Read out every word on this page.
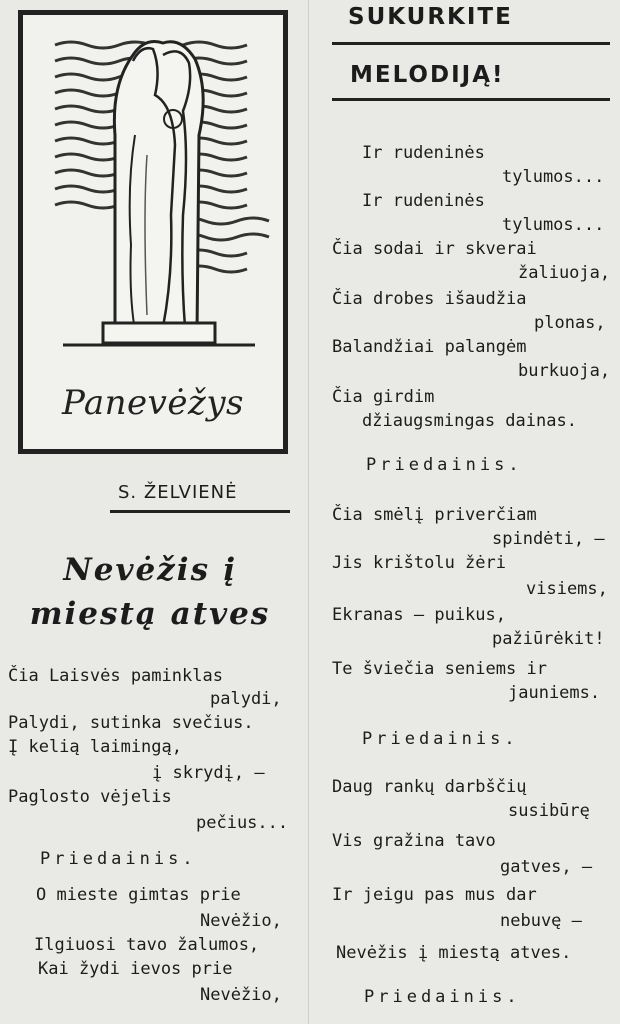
Panevėžys
S. ŽELVIENĖ
Nevėžis į
miestą atves
Čia Laisvės paminklas
palydi,
Palydi, sutinka svečius.
Į kelią laimingą,
į skrydį, —
Paglosto vėjelis
pečius...
Priedainis.
O mieste gimtas prie
Nevėžio,
Ilgiuosi tavo žalumos,
Kai žydi ievos prie
Nevėžio,
SUKURKITE
MELODIJĄ!
Ir rudeninės
tylumos...
Ir rudeninės
tylumos...
Čia sodai ir skverai
žaliuoja,
Čia drobes išaudžia
plonas,
Balandžiai palangėm
burkuoja,
Čia girdim
džiaugsmingas dainas.
Priedainis.
Čia smėlį priverčiam
spindėti, —
Jis krištolu žėri
visiems,
Ekranas — puikus,
pažiūrėkit!
Te šviečia seniems ir
jauniems.
Priedainis.
Daug rankų darbščių
susibūrę
Vis gražina tavo
gatves, —
Ir jeigu pas mus dar
nebuvę —
Nevėžis į miestą atves.
Priedainis.
